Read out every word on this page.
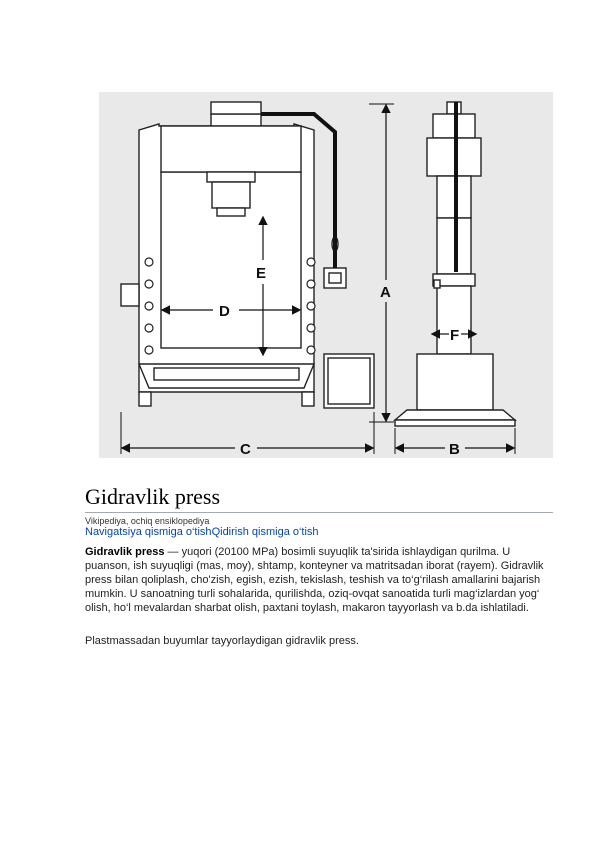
D
E
C
A
F
B
Gidravlik press
Vikipediya, ochiq ensiklopediya
Navigatsiya qismiga o‘tishQidirish qismiga o‘tish

Gidravlik press — yuqori (20100 MPa) bosimli suyuqlik ta'sirida ishlaydigan qurilma. U puanson, ish suyuqligi (mas, moy), shtamp, konteyner va matritsadan iborat (rayem). Gidravlik press bilan qoliplash, cho'zish, egish, ezish, tekislash, teshish va to‘g‘rilash amallarini bajarish mumkin. U sanoatning turli sohalarida, qurilishda, oziq-ovqat sanoatida turli mag‘izlardan yog‘ olish, ho‘l mevalardan sharbat olish, paxtani toylash, makaron tayyorlash va b.da ishlatiladi.

Plastmassadan buyumlar tayyorlaydigan gidravlik press.
